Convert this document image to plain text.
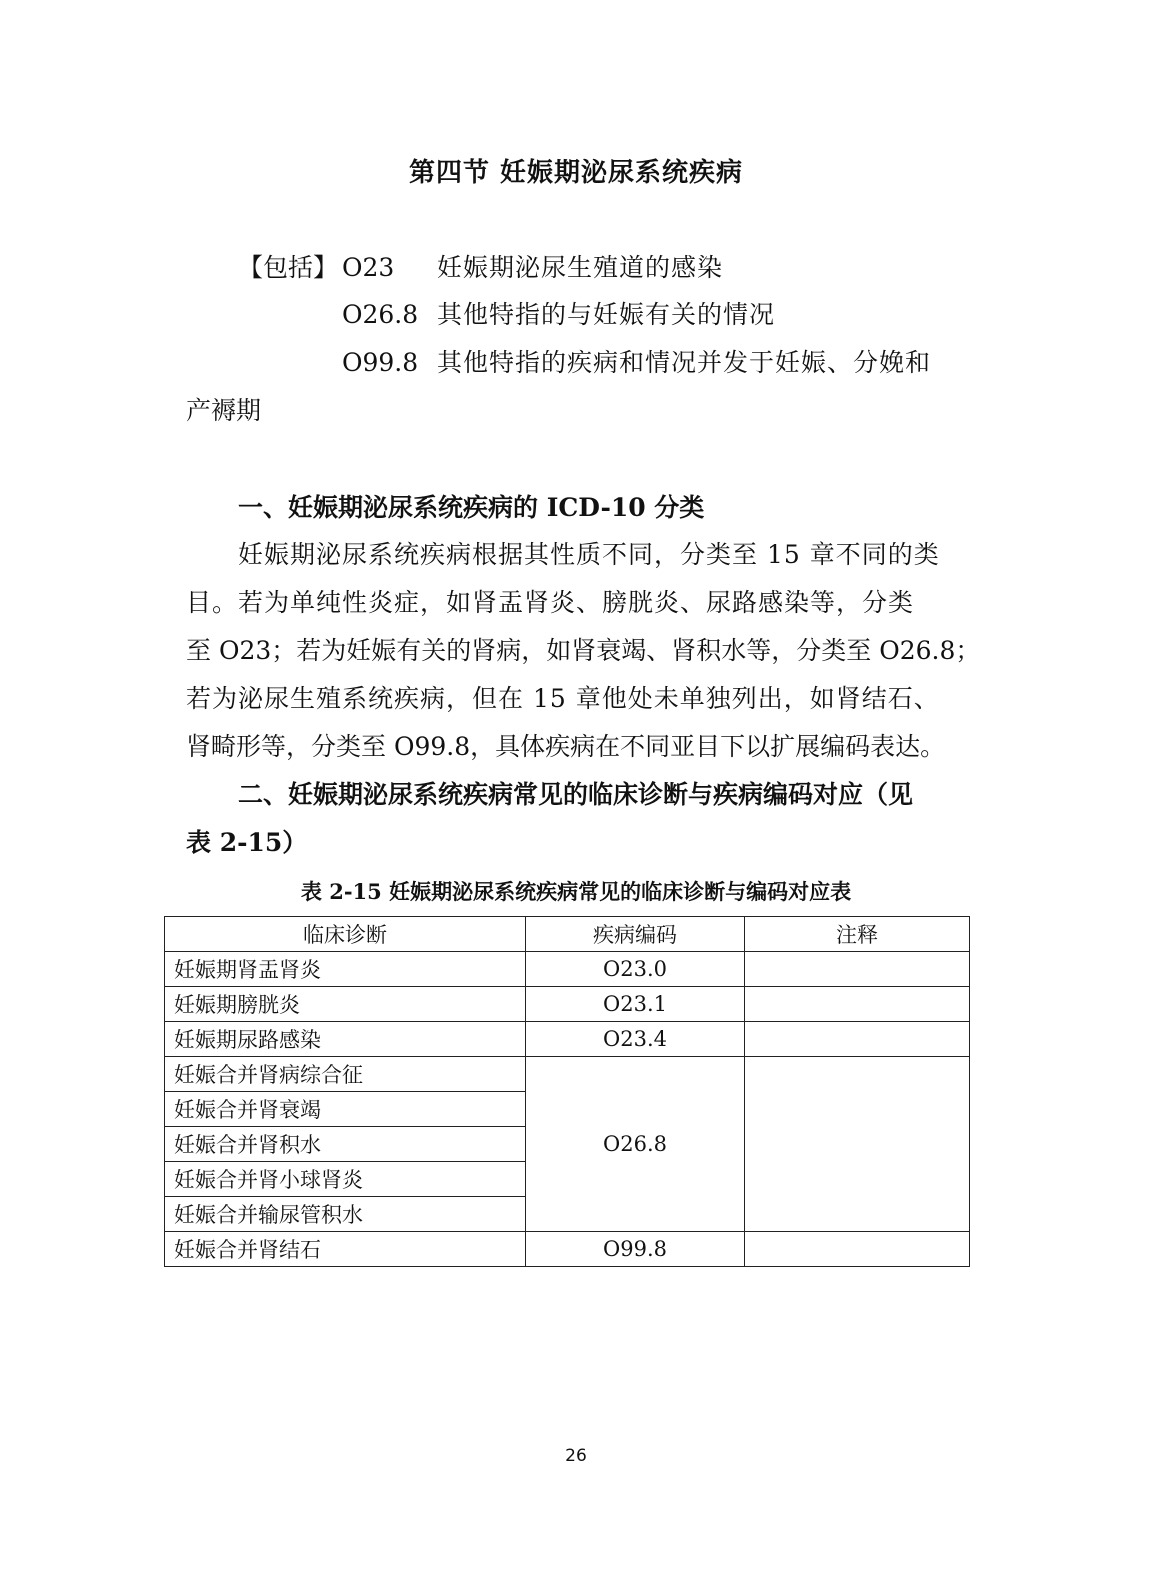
第四节 妊娠期泌尿系统疾病
【包括】 O23 妊娠期泌尿生殖道的感染
O26.8 其他特指的与妊娠有关的情况
O99.8 其他特指的疾病和情况并发于妊娠、分娩和
产褥期
一、妊娠期泌尿系统疾病的 ICD-10 分类
妊娠期泌尿系统疾病根据其性质不同，分类至 15 章不同的类
目。若为单纯性炎症，如肾盂肾炎、膀胱炎、尿路感染等，分类
至 O23；若为妊娠有关的肾病，如肾衰竭、肾积水等，分类至 O26.8；
若为泌尿生殖系统疾病，但在 15 章他处未单独列出，如肾结石、
肾畸形等，分类至 O99.8，具体疾病在不同亚目下以扩展编码表达。
二、妊娠期泌尿系统疾病常见的临床诊断与疾病编码对应（见
表 2-15）
表 2-15 妊娠期泌尿系统疾病常见的临床诊断与编码对应表
临床诊断	疾病编码	注释
妊娠期肾盂肾炎	O23.0	
妊娠期膀胱炎	O23.1	
妊娠期尿路感染	O23.4	
妊娠合并肾病综合征	O26.8	
妊娠合并肾衰竭		
妊娠合并肾积水		
妊娠合并肾小球肾炎		
妊娠合并输尿管积水		
妊娠合并肾结石	O99.8	
26
